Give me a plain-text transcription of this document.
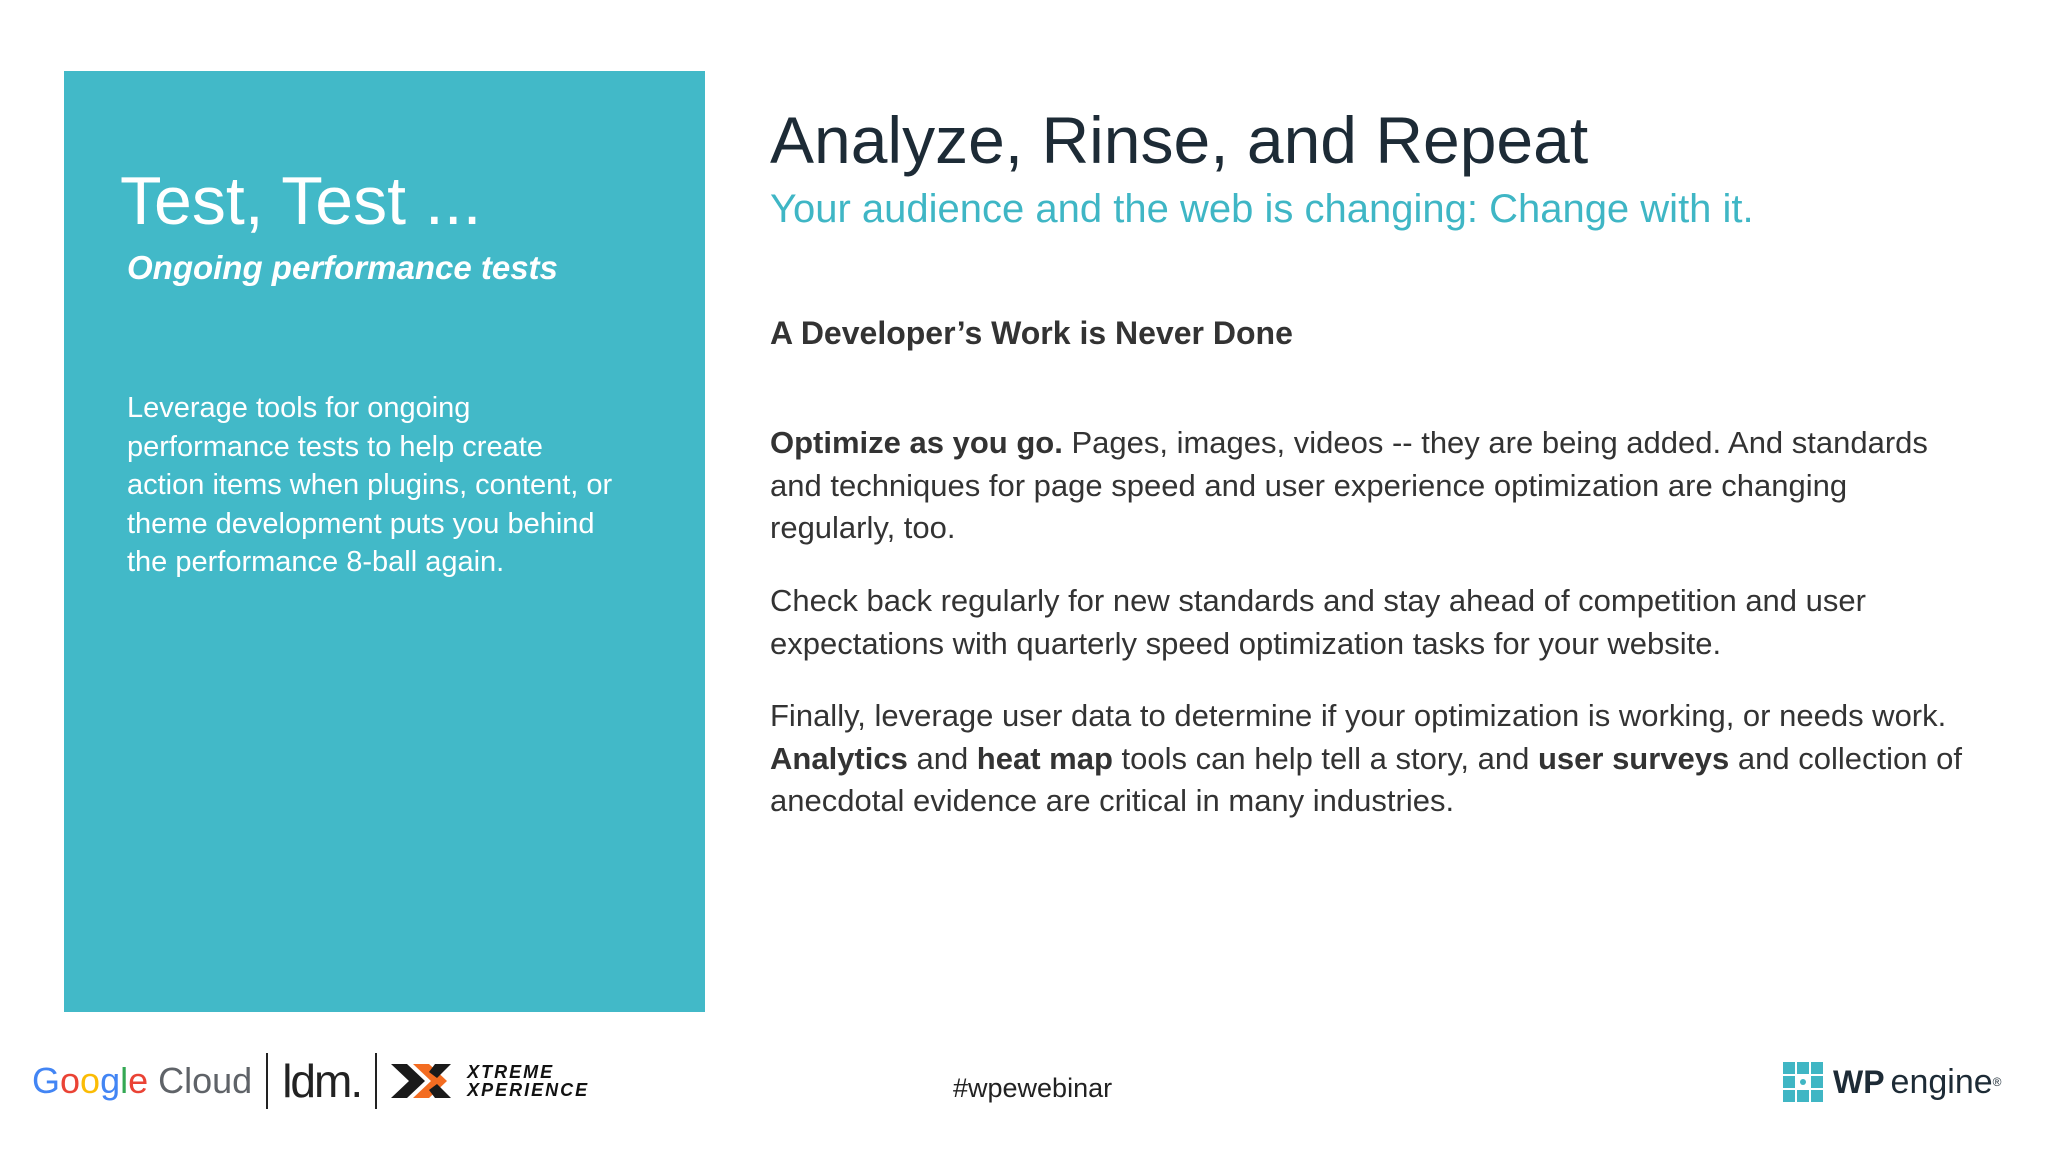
Test, Test ...
Ongoing performance tests
Leverage tools for ongoing performance tests to help create action items when plugins, content, or theme development puts you behind the performance 8-ball again.
Analyze, Rinse, and Repeat
Your audience and the web is changing: Change with it.
A Developer’s Work is Never Done
Optimize as you go. Pages, images, videos -- they are being added. And standards and techniques for page speed and user experience optimization are changing regularly, too.
Check back regularly for new standards and stay ahead of competition and user expectations with quarterly speed optimization tasks for your website.
Finally, leverage user data to determine if your optimization is working, or needs work. Analytics and heat map tools can help tell a story, and user surveys and collection of anecdotal evidence are critical in many industries.
G o o g l e Cloud ldm.	XTREME
XPERIENCE	#wpewebinar	WP engine ®
